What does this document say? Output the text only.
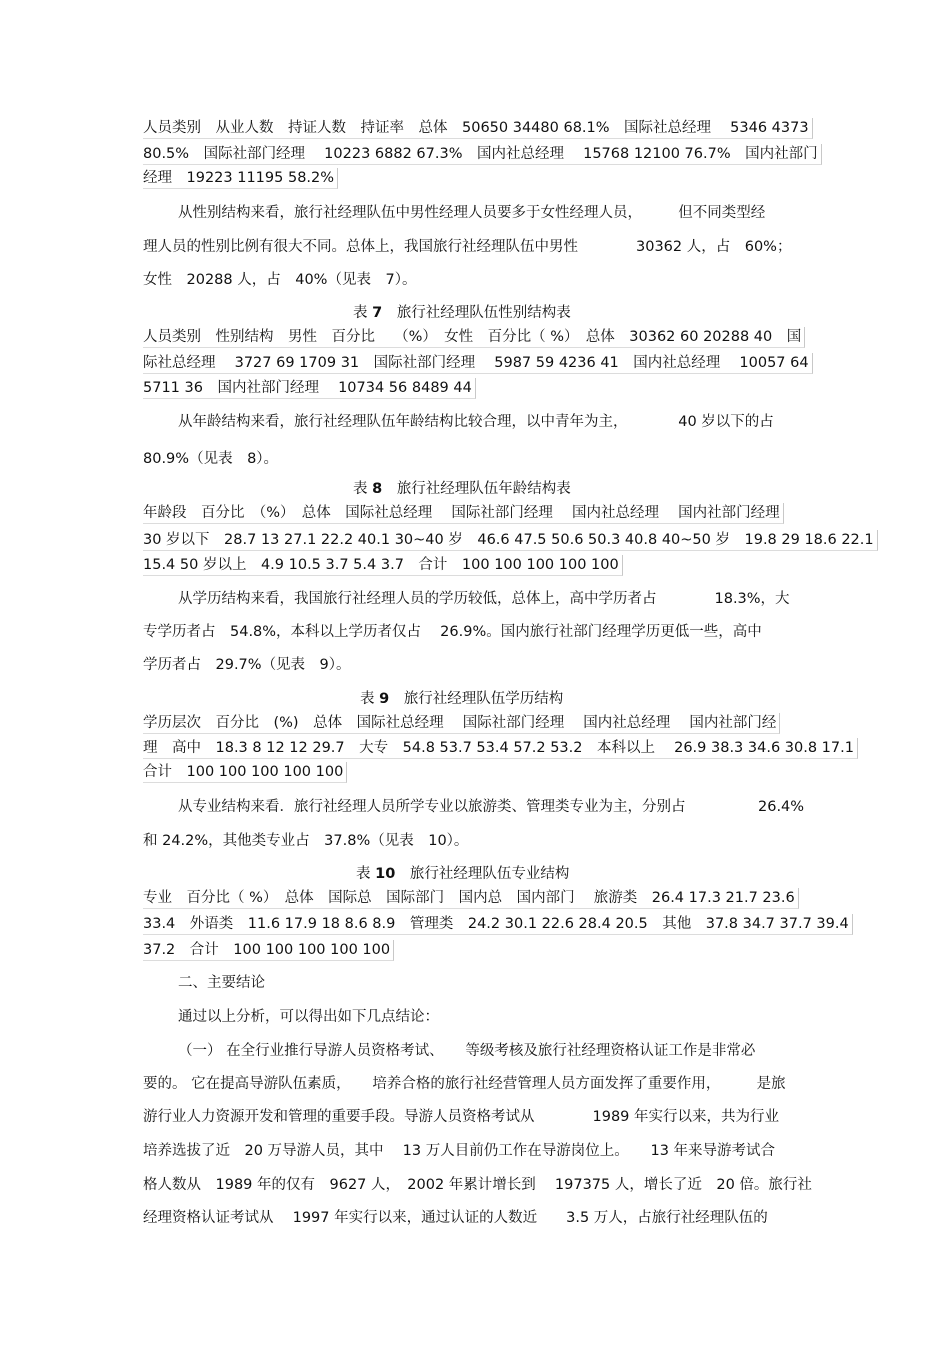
人员类别　从业人数　持证人数　持证率　总体　50650 34480 68.1%　国际社总经理　 5346 4373
80.5%　国际社部门经理　 10223 6882 67.3%　国内社总经理　 15768 12100 76.7%　国内社部门
经理　19223 11195 58.2%
从性别结构来看，旅行社经理队伍中男性经理人员要多于女性经理人员，　　　但不同类型经
理人员的性别比例有很大不同。总体上，我国旅行社经理队伍中男性　　　　30362 人，占　60%；
女性　20288 人，占　40%（见表　7）。
表 7 旅行社经理队伍性别结构表
人员类别　性别结构　男性　百分比　 （%）　女性　百分比（ %）　总体　30362 60 20288 40　国
际社总经理　 3727 69 1709 31　国际社部门经理　 5987 59 4236 41　国内社总经理　 10057 64
5711 36　国内社部门经理　 10734 56 8489 44
从年龄结构来看，旅行社经理队伍年龄结构比较合理，以中青年为主，　　　　40 岁以下的占
80.9%（见表　8）。
表 8 旅行社经理队伍年龄结构表
年龄段　百分比　（%）　总体　国际社总经理　 国际社部门经理　 国内社总经理　 国内社部门经理
30 岁以下　28.7 13 27.1 22.2 40.1 30~40 岁　46.6 47.5 50.6 50.3 40.8 40~50 岁　19.8 29 18.6 22.1
15.4 50 岁以上　4.9 10.5 3.7 5.4 3.7　合计　100 100 100 100 100
从学历结构来看，我国旅行社经理人员的学历较低，总体上，高中学历者占　　　　18.3%，大
专学历者占　54.8%，本科以上学历者仅占　 26.9%。国内旅行社部门经理学历更低一些，高中
学历者占　29.7%（见表　9）。
表 9 旅行社经理队伍学历结构
学历层次　百分比　(%)　总体　国际社总经理　 国际社部门经理　 国内社总经理　 国内社部门经
理　高中　18.3 8 12 12 29.7　大专　54.8 53.7 53.4 57.2 53.2　本科以上　 26.9 38.3 34.6 30.8 17.1
合计　100 100 100 100 100
从专业结构来看．旅行社经理人员所学专业以旅游类、管理类专业为主，分别占　　　　　26.4%
和 24.2%，其他类专业占　37.8%（见表　10）。
表 10 旅行社经理队伍专业结构
专业　百分比（ %）　总体　国际总　国际部门　国内总　国内部门　 旅游类　26.4 17.3 21.7 23.6
33.4　外语类　11.6 17.9 18 8.6 8.9　管理类　24.2 30.1 22.6 28.4 20.5　其他　37.8 34.7 37.7 39.4
37.2　合计　100 100 100 100 100
二、主要结论
通过以上分析，可以得出如下几点结论：
（一） 在全行业推行导游人员资格考试、　　等级考核及旅行社经理资格认证工作是非常必
要的。 它在提高导游队伍素质，　　培养合格的旅行社经营管理人员方面发挥了重要作用，　　　是旅
游行业人力资源开发和管理的重要手段。导游人员资格考试从　　　　1989 年实行以来，共为行业
培养选拔了近　20 万导游人员，其中　 13 万人目前仍工作在导游岗位上。　　13 年来导游考试合
格人数从　1989 年的仅有　9627 人，　2002 年累计增长到　 197375 人，增长了近　20 倍。旅行社
经理资格认证考试从　 1997 年实行以来，通过认证的人数近　　3.5 万人，占旅行社经理队伍的
